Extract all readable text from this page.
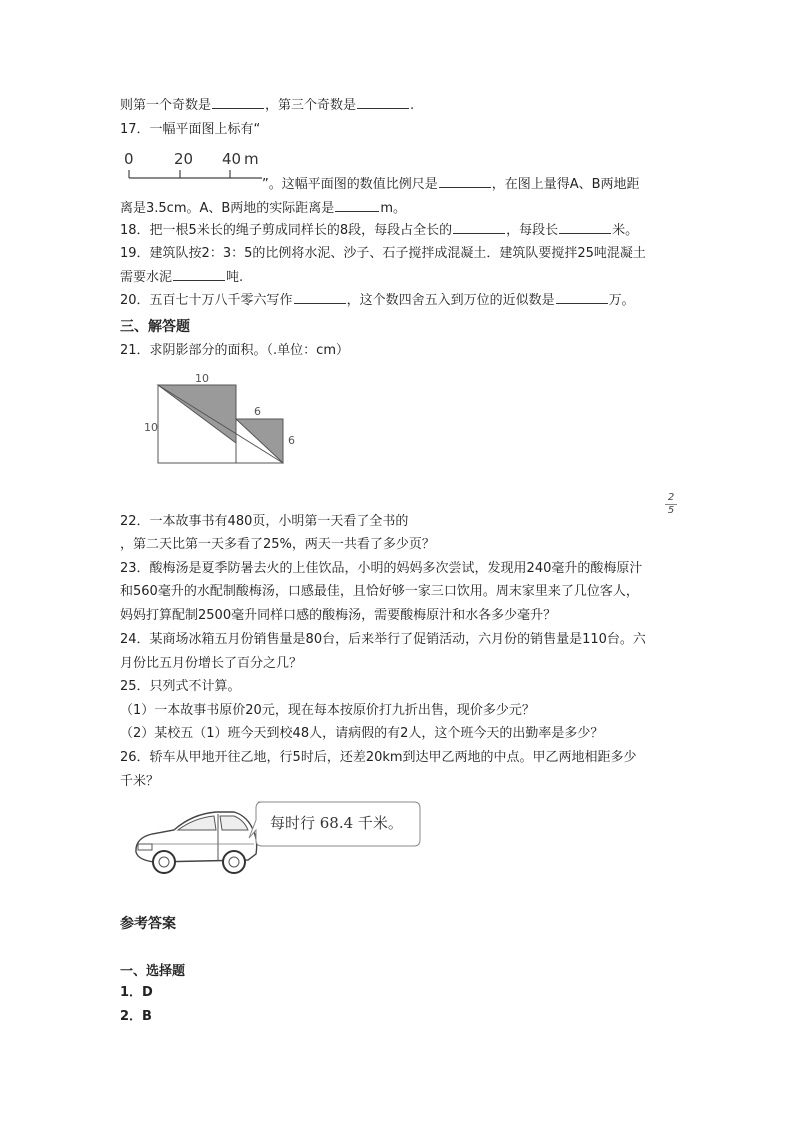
则第一个奇数是	，第三个奇数是	.
17．一幅平面图上标有“
0	20 40 m
”。这幅平面图的数值比例尺是	，在图上量得A、B两地距
离是3.5cm。A、B两地的实际距离是	m。
18．把一根5米长的绳子剪成同样长的8段，每段占全长的	，每段长	米。
19．建筑队按2：3：5的比例将水泥、沙子、石子搅拌成混凝土．建筑队要搅拌25吨混凝土
需要水泥	吨.
20．五百七十万八千零六写作	，这个数四舍五入到万位的近似数是	万。
三、解答题
21．求阴影部分的面积。（.单位：cm）
10
10
6
6
$\frac{2}{5}$
22．一本故事书有480页，小明第一天看了全书的
，第二天比第一天多看了25%，两天一共看了多少页？
23．酸梅汤是夏季防暑去火的上佳饮品，小明的妈妈多次尝试，发现用240毫升的酸梅原汁
和560毫升的水配制酸梅汤，口感最佳，且恰好够一家三口饮用。周末家里来了几位客人，
妈妈打算配制2500毫升同样口感的酸梅汤，需要酸梅原汁和水各多少毫升？
24．某商场冰箱五月份销售量是80台，后来举行了促销活动，六月份的销售量是110台。六
月份比五月份增长了百分之几？
25．只列式不计算。
（1）一本故事书原价20元，现在每本按原价打九折出售，现价多少元？
（2）某校五（1）班今天到校48人，请病假的有2人，这个班今天的出勤率是多少？
26．轿车从甲地开往乙地，行5时后，还差20km到达甲乙两地的中点。甲乙两地相距多少
千米？
每时行 68.4 千米。
参考答案
一、选择题
1．D
2．B
